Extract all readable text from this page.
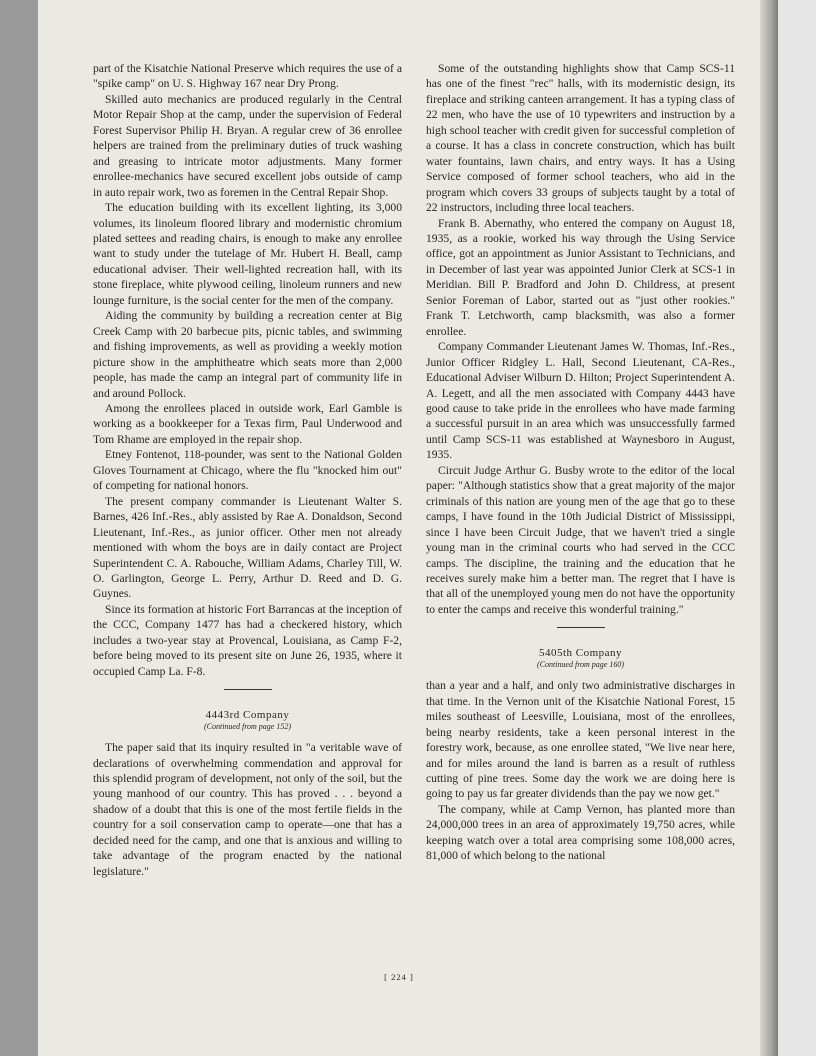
part of the Kisatchie National Preserve which requires the use of a "spike camp" on U. S. Highway 167 near Dry Prong.

Skilled auto mechanics are produced regularly in the Central Motor Repair Shop at the camp, under the supervision of Federal Forest Supervisor Philip H. Bryan. A regular crew of 36 enrollee helpers are trained from the preliminary duties of truck washing and greasing to intricate motor adjustments. Many former enrollee-mechanics have secured excellent jobs outside of camp in auto repair work, two as foremen in the Central Repair Shop.

The education building with its excellent lighting, its 3,000 volumes, its linoleum floored library and modernistic chromium plated settees and reading chairs, is enough to make any enrollee want to study under the tutelage of Mr. Hubert H. Beall, camp educational adviser. Their well-lighted recreation hall, with its stone fireplace, white plywood ceiling, linoleum runners and new lounge furniture, is the social center for the men of the company.

Aiding the community by building a recreation center at Big Creek Camp with 20 barbecue pits, picnic tables, and swimming and fishing improvements, as well as providing a weekly motion picture show in the amphitheatre which seats more than 2,000 people, has made the camp an integral part of community life in and around Pollock.

Among the enrollees placed in outside work, Earl Gamble is working as a bookkeeper for a Texas firm, Paul Underwood and Tom Rhame are employed in the repair shop.

Etney Fontenot, 118-pounder, was sent to the National Golden Gloves Tournament at Chicago, where the flu "knocked him out" of competing for national honors.

The present company commander is Lieutenant Walter S. Barnes, 426 Inf.-Res., ably assisted by Rae A. Donaldson, Second Lieutenant, Inf.-Res., as junior officer. Other men not already mentioned with whom the boys are in daily contact are Project Superintendent C. A. Rabouche, William Adams, Charley Till, W. O. Garlington, George L. Perry, Arthur D. Reed and D. G. Guynes.

Since its formation at historic Fort Barrancas at the inception of the CCC, Company 1477 has had a checkered history, which includes a two-year stay at Provencal, Louisiana, as Camp F-2, before being moved to its present site on June 26, 1935, where it occupied Camp La. F-8.

4443rd Company
(Continued from page 152)

The paper said that its inquiry resulted in "a veritable wave of declarations of overwhelming commendation and approval for this splendid program of development, not only of the soil, but the young manhood of our country. This has proved . . . beyond a shadow of a doubt that this is one of the most fertile fields in the country for a soil conservation camp to operate—one that has a decided need for the camp, and one that is anxious and willing to take advantage of the program enacted by the national legislature."

Some of the outstanding highlights show that Camp SCS-11 has one of the finest "rec" halls, with its modernistic design, its fireplace and striking canteen arrangement. It has a typing class of 22 men, who have the use of 10 typewriters and instruction by a high school teacher with credit given for successful completion of a course. It has a class in concrete construction, which has built water fountains, lawn chairs, and entry ways. It has a Using Service composed of former school teachers, who aid in the program which covers 33 groups of subjects taught by a total of 22 instructors, including three local teachers.

Frank B. Abernathy, who entered the company on August 18, 1935, as a rookie, worked his way through the Using Service office, got an appointment as Junior Assistant to Technicians, and in December of last year was appointed Junior Clerk at SCS-1 in Meridian. Bill P. Bradford and John D. Childress, at present Senior Foreman of Labor, started out as "just other rookies." Frank T. Letchworth, camp blacksmith, was also a former enrollee.

Company Commander Lieutenant James W. Thomas, Inf.-Res., Junior Officer Ridgley L. Hall, Second Lieutenant, CA-Res., Educational Adviser Wilburn D. Hilton; Project Superintendent A. A. Legett, and all the men associated with Company 4443 have good cause to take pride in the enrollees who have made farming a successful pursuit in an area which was unsuccessfully farmed until Camp SCS-11 was established at Waynesboro in August, 1935.

Circuit Judge Arthur G. Busby wrote to the editor of the local paper: "Although statistics show that a great majority of the major criminals of this nation are young men of the age that go to these camps, I have found in the 10th Judicial District of Mississippi, since I have been Circuit Judge, that we haven't tried a single young man in the criminal courts who had served in the CCC camps. The discipline, the training and the education that he receives surely make him a better man. The regret that I have is that all of the unemployed young men do not have the opportunity to enter the camps and receive this wonderful training."

5405th Company
(Continued from page 160)

than a year and a half, and only two administrative discharges in that time. In the Vernon unit of the Kisatchie National Forest, 15 miles southeast of Leesville, Louisiana, most of the enrollees, being nearby residents, take a keen personal interest in the forestry work, because, as one enrollee stated, "We live near here, and for miles around the land is barren as a result of ruthless cutting of pine trees. Some day the work we are doing here is going to pay us far greater dividends than the pay we now get."

The company, while at Camp Vernon, has planted more than 24,000,000 trees in an area of approximately 19,750 acres, while keeping watch over a total area comprising some 108,000 acres, 81,000 of which belong to the national

[ 224 ]
